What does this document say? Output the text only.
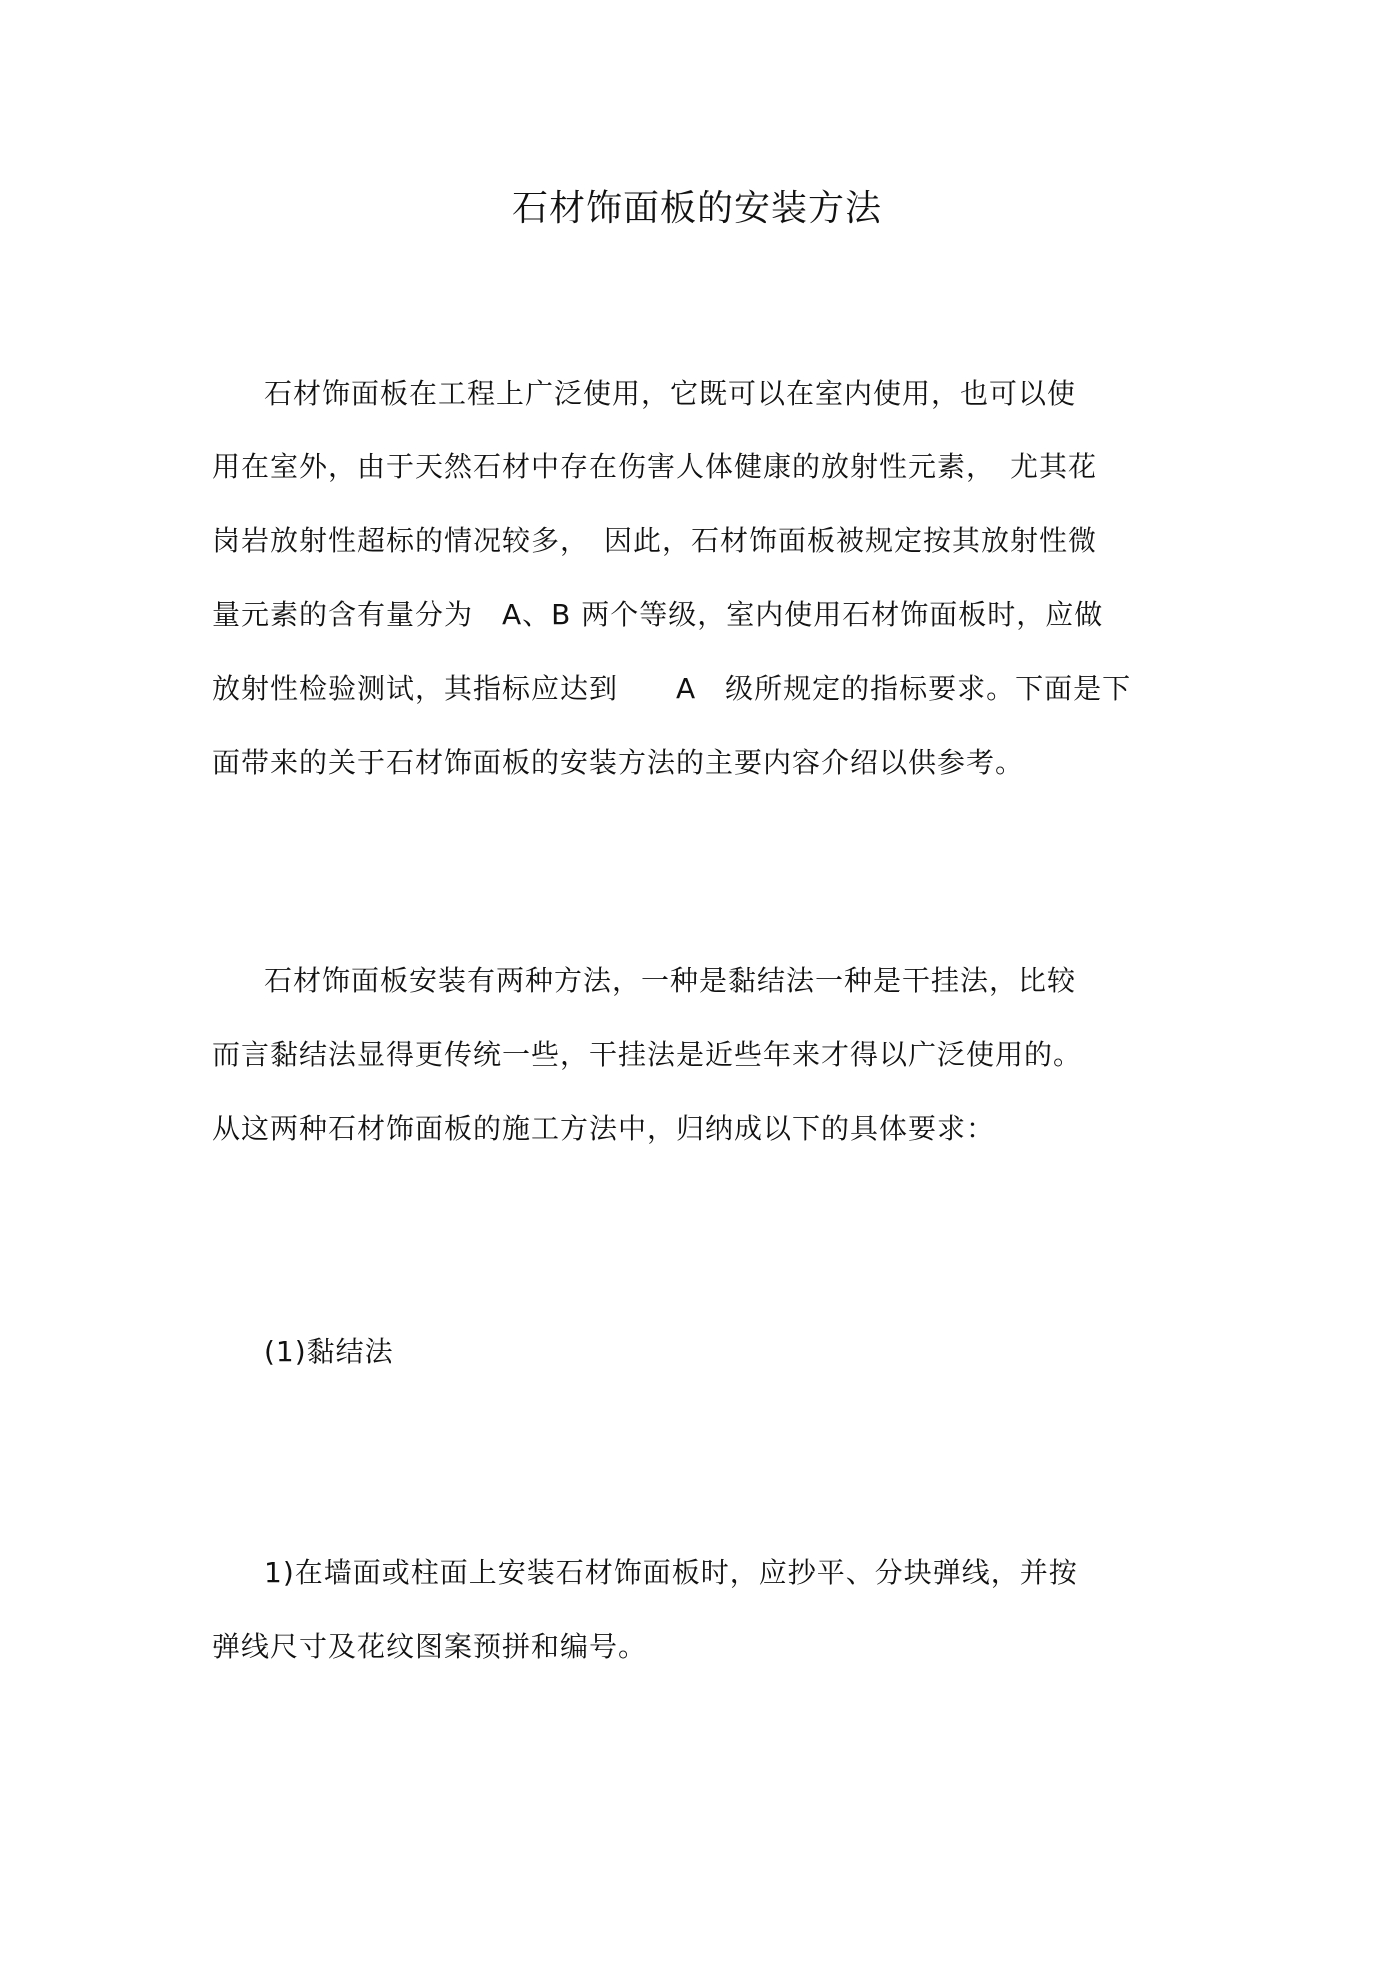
石材饰面板的安装方法
石材饰面板在工程上广泛使用，它既可以在室内使用，也可以使
用在室外，由于天然石材中存在伤害人体健康的放射性元素，　尤其花
岗岩放射性超标的情况较多，　因此，石材饰面板被规定按其放射性微
量元素的含有量分为　A、B 两个等级，室内使用石材饰面板时，应做
放射性检验测试，其指标应达到　　A　级所规定的指标要求。下面是下
面带来的关于石材饰面板的安装方法的主要内容介绍以供参考。
石材饰面板安装有两种方法，一种是黏结法一种是干挂法，比较
而言黏结法显得更传统一些，干挂法是近些年来才得以广泛使用的。
从这两种石材饰面板的施工方法中，归纳成以下的具体要求：
(1)黏结法
1)在墙面或柱面上安装石材饰面板时，应抄平、分块弹线，并按
弹线尺寸及花纹图案预拼和编号。
